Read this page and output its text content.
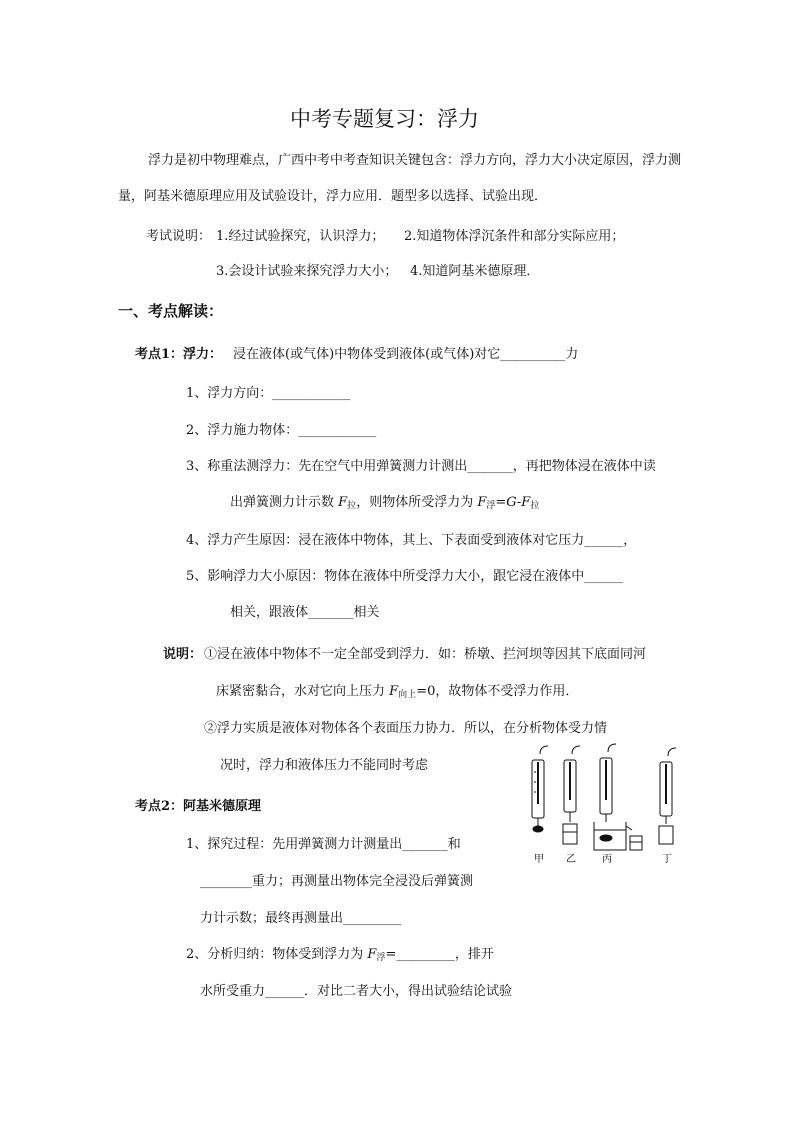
中考专题复习：浮力
浮力是初中物理难点，广西中考中考查知识关键包含：浮力方向，浮力大小决定原因，浮力测
量，阿基米德原理应用及试验设计，浮力应用．题型多以选择、试验出现．
考试说明： 1.经过试验探究，认识浮力； 2.知道物体浮沉条件和部分实际应用；
3.会设计试验来探究浮力大小； 4.知道阿基米德原理．
一、考点解读：
考点1：浮力： 浸在液体(或气体)中物体受到液体(或气体)对它__________力
1、浮力方向：____________
2、浮力施力物体：____________
3、称重法测浮力：先在空气中用弹簧测力计测出_______，再把物体浸在液体中读
出弹簧测力计示数 $F_拉$，则物体所受浮力为 $F_浮=G-F_拉$
4、浮力产生原因：浸在液体中物体，其上、下表面受到液体对它压力______，
5、影响浮力大小原因：物体在液体中所受浮力大小，跟它浸在液体中______
相关，跟液体_______相关
说明： ①浸在液体中物体不一定全部受到浮力．如：桥墩、拦河坝等因其下底面同河
床紧密黏合，水对它向上压力 $F_{向上}=0$，故物体不受浮力作用．
②浮力实质是液体对物体各个表面压力协力．所以，在分析物体受力情
况时，浮力和液体压力不能同时考虑
考点2：阿基米德原理
1、探究过程：先用弹簧测力计测量出_______和
________重力；再测量出物体完全浸没后弹簧测
力计示数；最终再测量出_________
2、分析归纳：物体受到浮力为 $F_浮=\_\_\_\_\_\_\_\_\_$，排开
水所受重力______．对比二者大小，得出试验结论试验
甲 乙	丙	丁
